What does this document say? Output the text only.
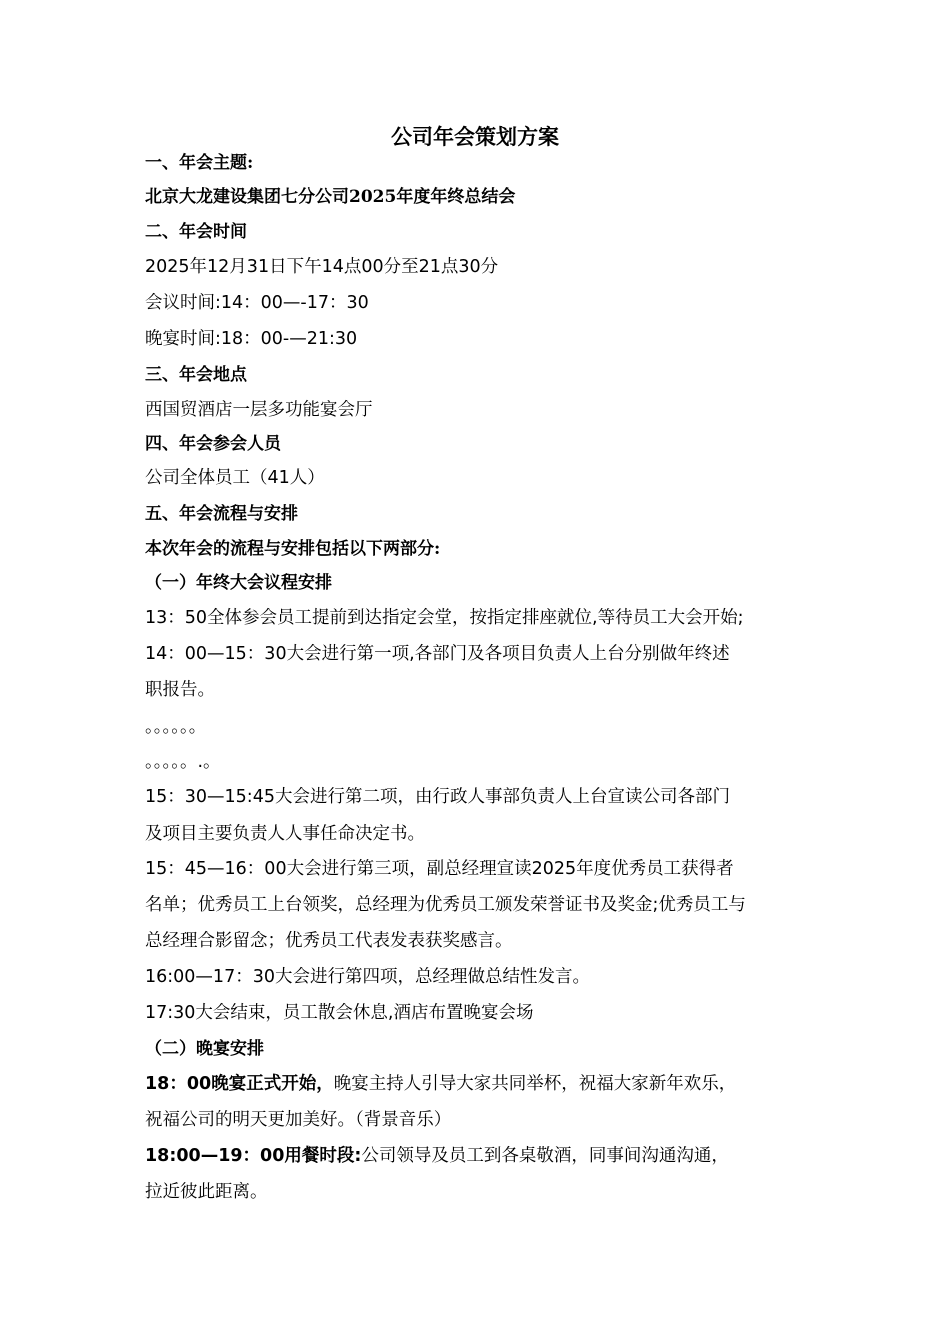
公司年会策划方案
一、年会主题:
北京大龙建设集团七分公司2025年度年终总结会
二、年会时间
2025年12月31日下午14点00分至21点30分
会议时间:14：00—-17：30
晚宴时间:18：00-—21:30
三、年会地点
西国贸酒店一层多功能宴会厅
四、年会参会人员
公司全体员工（41人）
五、年会流程与安排
本次年会的流程与安排包括以下两部分:
（一）年终大会议程安排
13：50全体参会员工提前到达指定会堂，按指定排座就位,等待员工大会开始;
14：00—15：30大会进行第一项,各部门及各项目负责人上台分别做年终述
职报告。
。。。。。。
。。。。。.。
15：30—15:45大会进行第二项，由行政人事部负责人上台宣读公司各部门
及项目主要负责人人事任命决定书。
15：45—16：00大会进行第三项，副总经理宣读2025年度优秀员工获得者
名单；优秀员工上台领奖，总经理为优秀员工颁发荣誉证书及奖金;优秀员工与
总经理合影留念；优秀员工代表发表获奖感言。
16:00—17：30大会进行第四项，总经理做总结性发言。
17:30大会结束，员工散会休息,酒店布置晚宴会场
（二）晚宴安排
18：00晚宴正式开始，晚宴主持人引导大家共同举杯，祝福大家新年欢乐，
祝福公司的明天更加美好。（背景音乐）
18:00—19：00用餐时段:公司领导及员工到各桌敬酒，同事间沟通沟通，
拉近彼此距离。
